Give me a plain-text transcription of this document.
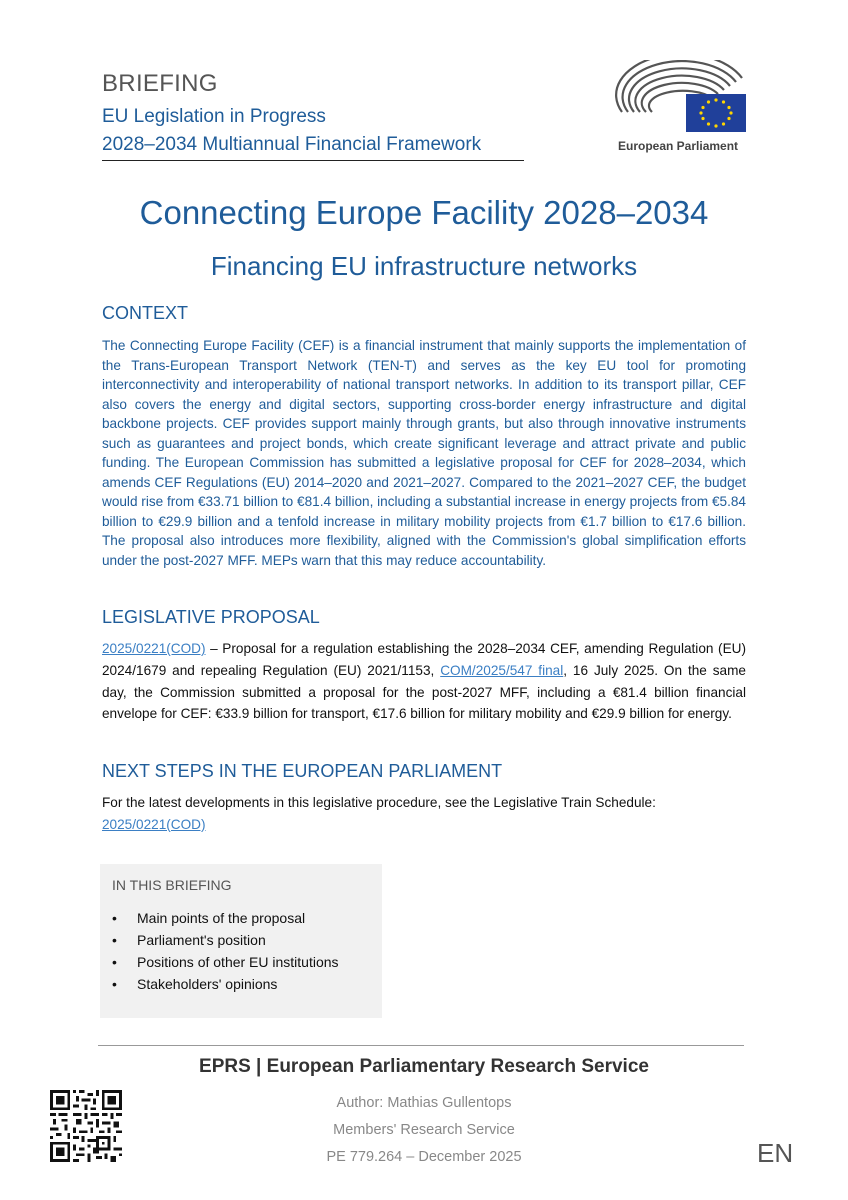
BRIEFING
EU Legislation in Progress
2028–2034 Multiannual Financial Framework	European Parliament
Connecting Europe Facility 2028–2034
Financing EU infrastructure networks
CONTEXT
The Connecting Europe Facility (CEF) is a financial instrument that mainly supports the implementation of the Trans-European Transport Network (TEN-T) and serves as the key EU tool for promoting interconnectivity and interoperability of national transport networks. In addition to its transport pillar, CEF also covers the energy and digital sectors, supporting cross-border energy infrastructure and digital backbone projects. CEF provides support mainly through grants, but also through innovative instruments such as guarantees and project bonds, which create significant leverage and attract private and public funding. The European Commission has submitted a legislative proposal for CEF for 2028–2034, which amends CEF Regulations (EU) 2014–2020 and 2021–2027. Compared to the 2021–2027 CEF, the budget would rise from €33.71 billion to €81.4 billion, including a substantial increase in energy projects from €5.84 billion to €29.9 billion and a tenfold increase in military mobility projects from €1.7 billion to €17.6 billion. The proposal also introduces more flexibility, aligned with the Commission's global simplification efforts under the post-2027 MFF. MEPs warn that this may reduce accountability.
LEGISLATIVE PROPOSAL
2025/0221(COD) – Proposal for a regulation establishing the 2028–2034 CEF, amending Regulation (EU) 2024/1679 and repealing Regulation (EU) 2021/1153, COM/2025/547 final, 16 July 2025. On the same day, the Commission submitted a proposal for the post-2027 MFF, including a €81.4 billion financial envelope for CEF: €33.9 billion for transport, €17.6 billion for military mobility and €29.9 billion for energy.
NEXT STEPS IN THE EUROPEAN PARLIAMENT
For the latest developments in this legislative procedure, see the Legislative Train Schedule:
2025/0221(COD)
IN THIS BRIEFING
• Main points of the proposal
• Parliament's position
• Positions of other EU institutions
• Stakeholders' opinions
EPRS | European Parliamentary Research Service
Author: Mathias Gullentops
Members' Research Service
PE 779.264 – December 2025	EN
